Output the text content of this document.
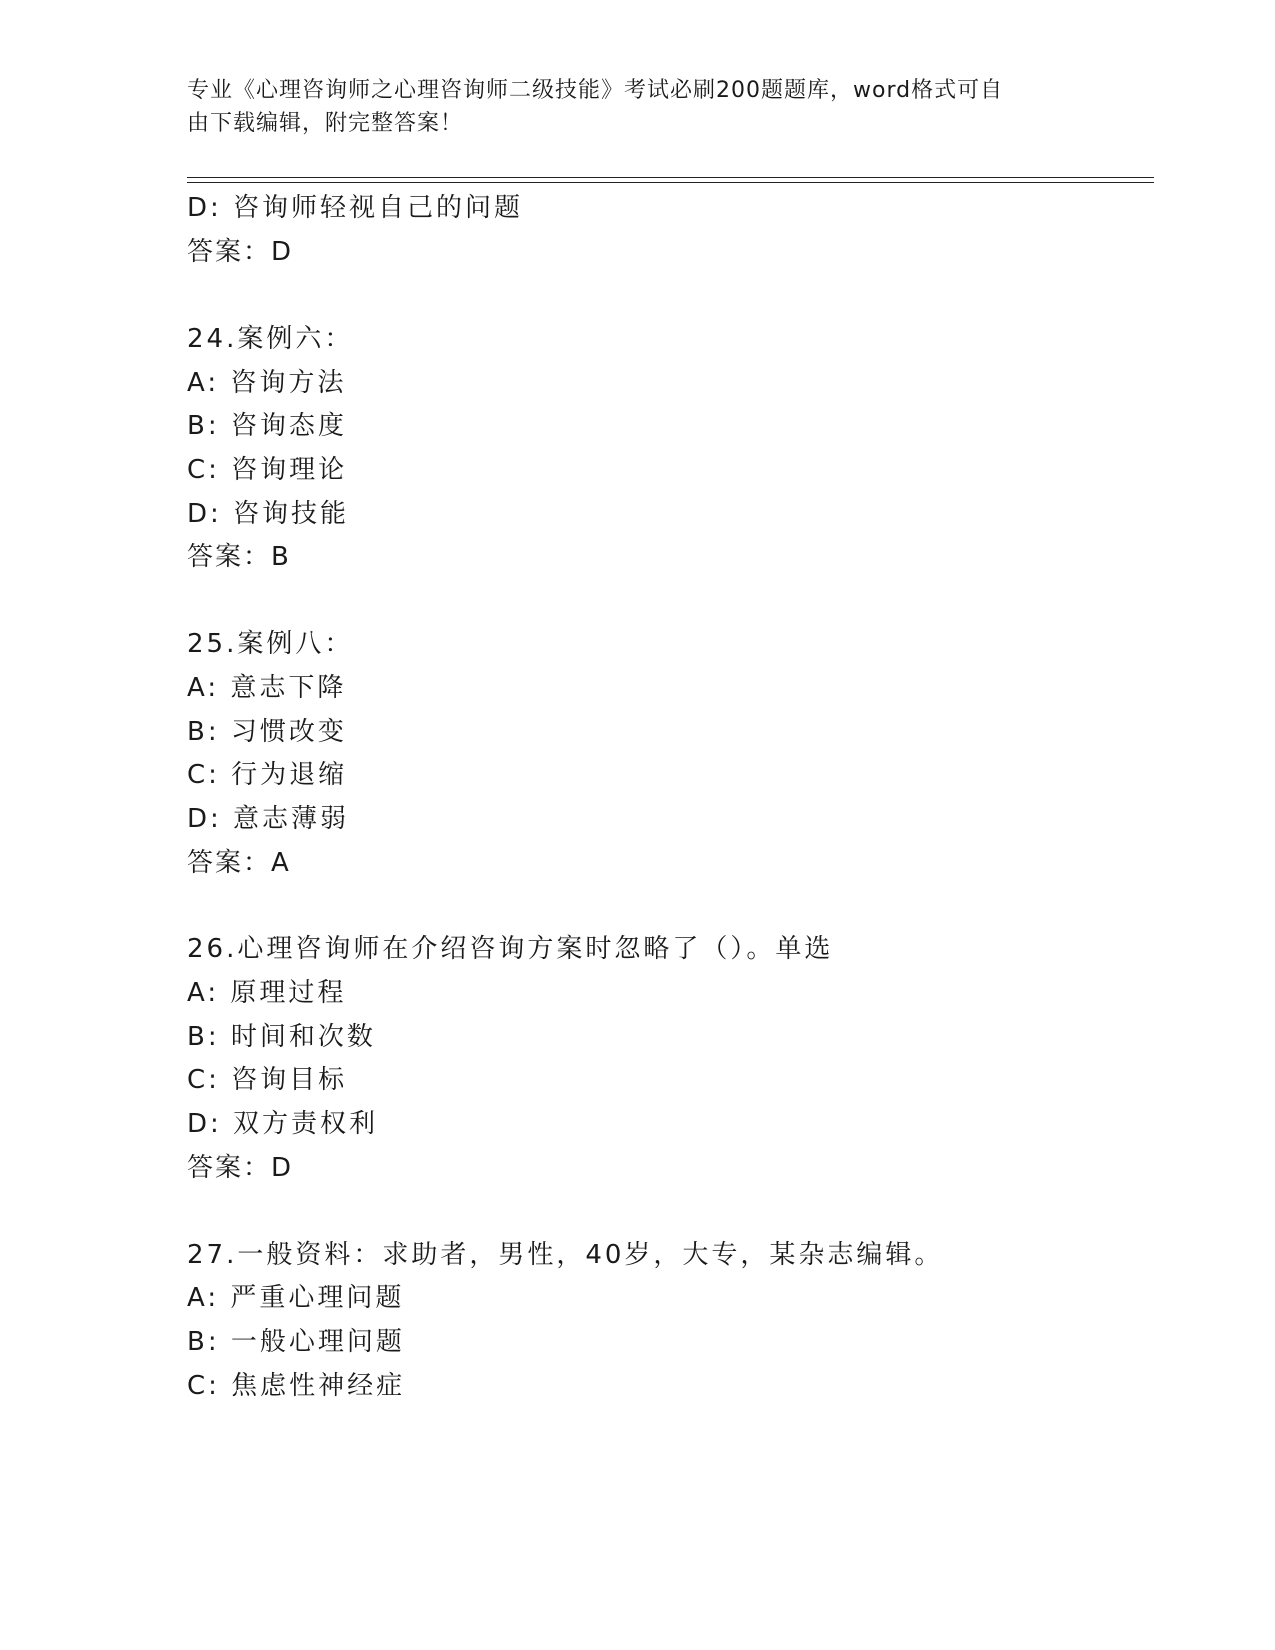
专业《心理咨询师之心理咨询师二级技能》考试必刷200题题库，word格式可自
由下载编辑，附完整答案！
D: 咨询师轻视自己的问题
答案：D
24.案例六：
A: 咨询方法
B: 咨询态度
C: 咨询理论
D: 咨询技能
答案：B
25.案例八：
A: 意志下降
B: 习惯改变
C: 行为退缩
D: 意志薄弱
答案：A
26.心理咨询师在介绍咨询方案时忽略了（）。单选
A: 原理过程
B: 时间和次数
C: 咨询目标
D: 双方责权利
答案：D
27.一般资料：求助者，男性，40岁，大专，某杂志编辑。
A: 严重心理问题
B: 一般心理问题
C: 焦虑性神经症
